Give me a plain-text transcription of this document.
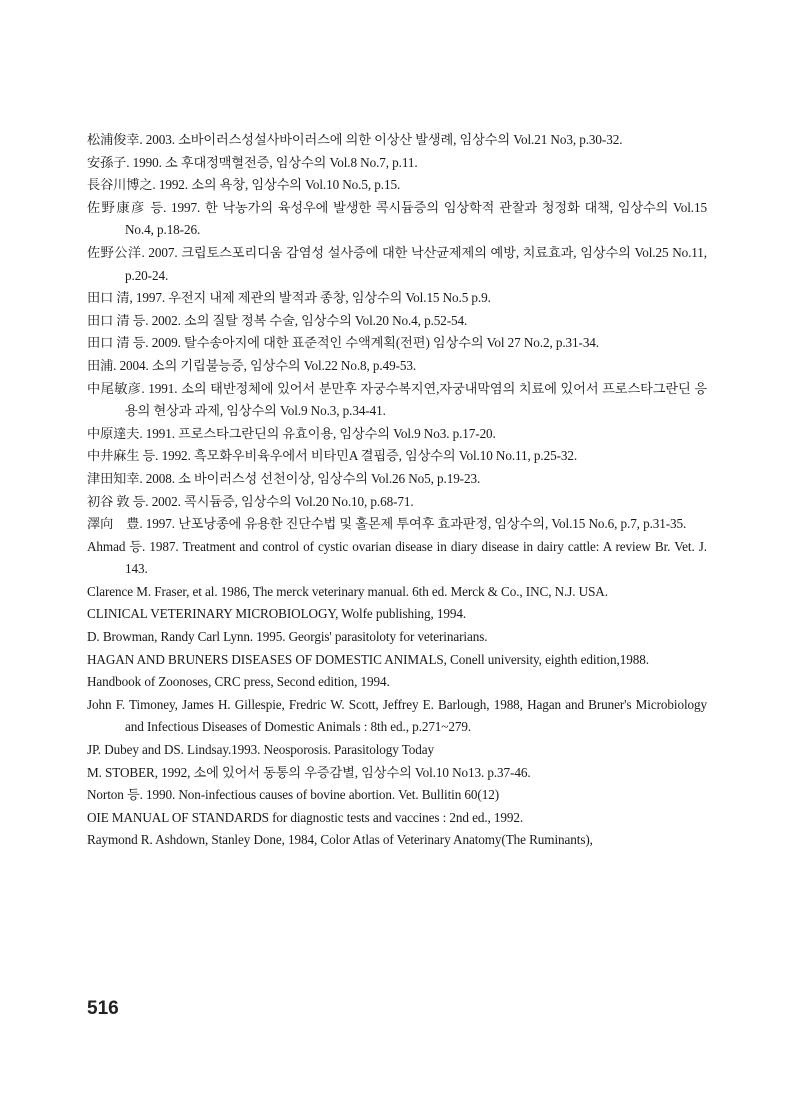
松浦俊幸. 2003. 소바이러스성설사바이러스에 의한 이상산 발생례, 임상수의 Vol.21 No3, p.30-32.
安孫子. 1990. 소 후대정맥혈전증, 임상수의 Vol.8 No.7, p.11.
長谷川博之. 1992. 소의 욕창, 임상수의 Vol.10 No.5, p.15.
佐野康彦 등. 1997. 한 낙농가의 육성우에 발생한 콕시듐증의 임상학적 관찰과 청정화 대책, 임상수의 Vol.15 No.4, p.18-26.
佐野公洋. 2007. 크립토스포리디움 감염성 설사증에 대한 낙산균제제의 예방, 치료효과, 임상수의 Vol.25 No.11, p.20-24.
田口 清, 1997. 우전지 내제 제관의 발적과 종창, 임상수의 Vol.15 No.5 p.9.
田口 清 등. 2002. 소의 질탈 정복 수술, 임상수의 Vol.20 No.4, p.52-54.
田口 清 등. 2009. 탈수송아지에 대한 표준적인 수액계획(전편) 임상수의 Vol 27 No.2, p.31-34.
田浦. 2004. 소의 기립불능증, 임상수의 Vol.22 No.8, p.49-53.
中尾敏彦. 1991. 소의 태반정체에 있어서 분만후 자궁수복지연,자궁내막염의 치료에 있어서 프로스타그란딘 응용의 현상과 과제, 임상수의 Vol.9 No.3, p.34-41.
中原達夫. 1991. 프로스타그란딘의 유효이용, 임상수의 Vol.9 No3. p.17-20.
中井麻生 등. 1992. 흑모화우비육우에서 비타민A 결핍증, 임상수의 Vol.10 No.11, p.25-32.
津田知幸. 2008. 소 바이러스성 선천이상, 임상수의 Vol.26 No5, p.19-23.
初谷 敦 등. 2002. 콕시듐증, 임상수의 Vol.20 No.10, p.68-71.
澤向　豊. 1997. 난포낭종에 유용한 진단수법 및 홀몬제 투여후 효과판정, 임상수의, Vol.15 No.6, p.7, p.31-35.
Ahmad 등. 1987. Treatment and control of cystic ovarian disease in diary disease in dairy cattle: A review Br. Vet. J. 143.
Clarence M. Fraser, et al. 1986, The merck veterinary manual. 6th ed. Merck & Co., INC, N.J. USA.
CLINICAL VETERINARY MICROBIOLOGY, Wolfe publishing, 1994.
D. Browman, Randy Carl Lynn. 1995. Georgis' parasitoloty for veterinarians.
HAGAN AND BRUNERS DISEASES OF DOMESTIC ANIMALS, Conell university, eighth edition,1988.
Handbook of Zoonoses, CRC press, Second edition, 1994.
John F. Timoney, James H. Gillespie, Fredric W. Scott, Jeffrey E. Barlough, 1988, Hagan and Bruner's Microbiology and Infectious Diseases of Domestic Animals : 8th ed., p.271~279.
JP. Dubey and DS. Lindsay.1993. Neosporosis. Parasitology Today
M. STOBER, 1992, 소에 있어서 동통의 우증감별, 임상수의 Vol.10 No13. p.37-46.
Norton 등. 1990. Non-infectious causes of bovine abortion. Vet. Bullitin 60(12)
OIE MANUAL OF STANDARDS for diagnostic tests and vaccines : 2nd ed., 1992.
Raymond R. Ashdown, Stanley Done, 1984, Color Atlas of Veterinary Anatomy(The Ruminants),
516
